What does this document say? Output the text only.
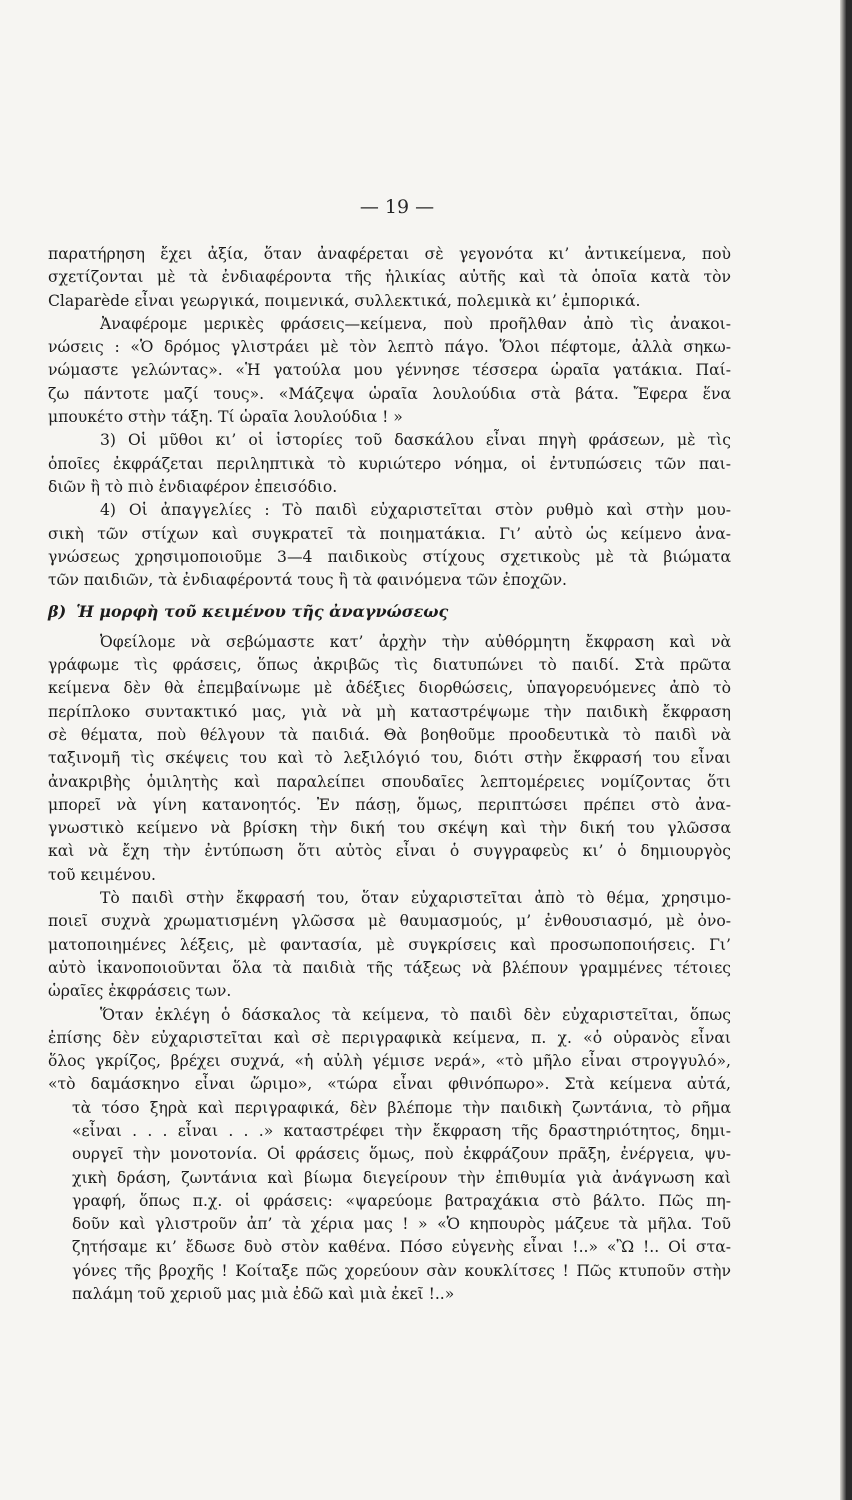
— 19 —
παρατήρηση ἔχει ἀξία, ὅταν ἀναφέρεται σὲ γεγονότα κι’ ἀντικείμενα, ποὺ
σχετίζονται μὲ τὰ ἐνδιαφέροντα τῆς ἡλικίας αὐτῆς καὶ τὰ ὁποῖα κατὰ τὸν
Claparède εἶναι γεωργικά, ποιμενικά, συλλεκτικά, πολεμικὰ κι’ ἐμπορικά.
Ἀναφέρομε μερικὲς φράσεις—κείμενα, ποὺ προῆλθαν ἀπὸ τὶς ἀνακοι-
νώσεις : «Ὁ δρόμος γλιστράει μὲ τὸν λεπτὸ πάγο. Ὅλοι πέφτομε, ἀλλὰ σηκω-
νώμαστε γελώντας». «Ἡ γατούλα μου γέννησε τέσσερα ὡραῖα γατάκια. Παί-
ζω πάντοτε μαζί τους». «Μάζεψα ὡραῖα λουλούδια στὰ βάτα. Ἔφερα ἕνα
μπουκέτο στὴν τάξη. Τί ὡραῖα λουλούδια ! »
3) Οἱ μῦθοι κι’ οἱ ἱστορίες τοῦ δασκάλου εἶναι πηγὴ φράσεων, μὲ τὶς
ὁποῖες ἐκφράζεται περιληπτικὰ τὸ κυριώτερο νόημα, οἱ ἐντυπώσεις τῶν παι-
διῶν ἢ τὸ πιὸ ἐνδιαφέρον ἐπεισόδιο.
4) Οἱ ἀπαγγελίες : Τὸ παιδὶ εὐχαριστεῖται στὸν ρυθμὸ καὶ στὴν μου-
σικὴ τῶν στίχων καὶ συγκρατεῖ τὰ ποιηματάκια. Γι’ αὐτὸ ὡς κείμενο ἀνα-
γνώσεως χρησιμοποιοῦμε 3—4 παιδικοὺς στίχους σχετικοὺς μὲ τὰ βιώματα
τῶν παιδιῶν, τὰ ἐνδιαφέροντά τους ἢ τὰ φαινόμενα τῶν ἐποχῶν.
β) Ἡ μορφὴ τοῦ κειμένου τῆς ἀναγνώσεως
Ὀφείλομε νὰ σεβώμαστε κατ’ ἀρχὴν τὴν αὐθόρμητη ἔκφραση καὶ νὰ
γράφωμε τὶς φράσεις, ὅπως ἀκριβῶς τὶς διατυπώνει τὸ παιδί. Στὰ πρῶτα
κείμενα δὲν θὰ ἐπεμβαίνωμε μὲ ἀδέξιες διορθώσεις, ὑπαγορευόμενες ἀπὸ τὸ
περίπλοκο συντακτικό μας, γιὰ νὰ μὴ καταστρέψωμε τὴν παιδικὴ ἔκφραση
σὲ θέματα, ποὺ θέλγουν τὰ παιδιά. Θὰ βοηθοῦμε προοδευτικὰ τὸ παιδὶ νὰ
ταξινομῆ τὶς σκέψεις του καὶ τὸ λεξιλόγιό του, διότι στὴν ἔκφρασή του εἶναι
ἀνακριβὴς ὁμιλητὴς καὶ παραλείπει σπουδαῖες λεπτομέρειες νομίζοντας ὅτι
μπορεῖ νὰ γίνη κατανοητός. Ἐν πάσῃ, ὅμως, περιπτώσει πρέπει στὸ ἀνα-
γνωστικὸ κείμενο νὰ βρίσκη τὴν δική του σκέψη καὶ τὴν δική του γλῶσσα
καὶ νὰ ἔχη τὴν ἐντύπωση ὅτι αὐτὸς εἶναι ὁ συγγραφεὺς κι’ ὁ δημιουργὸς
τοῦ κειμένου.
Τὸ παιδὶ στὴν ἔκφρασή του, ὅταν εὐχαριστεῖται ἀπὸ τὸ θέμα, χρησιμο-
ποιεῖ συχνὰ χρωματισμένη γλῶσσα μὲ θαυμασμούς, μ’ ἐνθουσιασμό, μὲ ὀνο-
ματοποιημένες λέξεις, μὲ φαντασία, μὲ συγκρίσεις καὶ προσωποποιήσεις. Γι’
αὐτὸ ἱκανοποιοῦνται ὅλα τὰ παιδιὰ τῆς τάξεως νὰ βλέπουν γραμμένες τέτοιες
ὡραῖες ἐκφράσεις των.
Ὅταν ἐκλέγη ὁ δάσκαλος τὰ κείμενα, τὸ παιδὶ δὲν εὐχαριστεῖται, ὅπως
ἐπίσης δὲν εὐχαριστεῖται καὶ σὲ περιγραφικὰ κείμενα, π. χ. «ὁ οὐρανὸς εἶναι
ὅλος γκρίζος, βρέχει συχνά, «ἡ αὐλὴ γέμισε νερά», «τὸ μῆλο εἶναι στρογγυλό»,
«τὸ δαμάσκηνο εἶναι ὥριμο», «τώρα εἶναι φθινόπωρο». Στὰ κείμενα αὐτά,
τὰ τόσο ξηρὰ καὶ περιγραφικά, δὲν βλέπομε τὴν παιδικὴ ζωντάνια, τὸ ρῆμα
«εἶναι . . . εἶναι . . .» καταστρέφει τὴν ἔκφραση τῆς δραστηριότητος, δημι-
ουργεῖ τὴν μονοτονία. Οἱ φράσεις ὅμως, ποὺ ἐκφράζουν πρᾶξη, ἐνέργεια, ψυ-
χικὴ δράση, ζωντάνια καὶ βίωμα διεγείρουν τὴν ἐπιθυμία γιὰ ἀνάγνωση καὶ
γραφή, ὅπως π.χ. οἱ φράσεις: «ψαρεύομε βατραχάκια στὸ βάλτο. Πῶς πη-
δοῦν καὶ γλιστροῦν ἀπ’ τὰ χέρια μας ! » «Ὁ κηπουρὸς μάζευε τὰ μῆλα. Τοῦ
ζητήσαμε κι’ ἔδωσε δυὸ στὸν καθένα. Πόσο εὐγενὴς εἶναι !..» «Ὢ !.. Οἱ στα-
γόνες τῆς βροχῆς ! Κοίταξε πῶς χορεύουν σὰν κουκλίτσες ! Πῶς κτυποῦν στὴν
παλάμη τοῦ χεριοῦ μας μιὰ ἐδῶ καὶ μιὰ ἐκεῖ !..»
